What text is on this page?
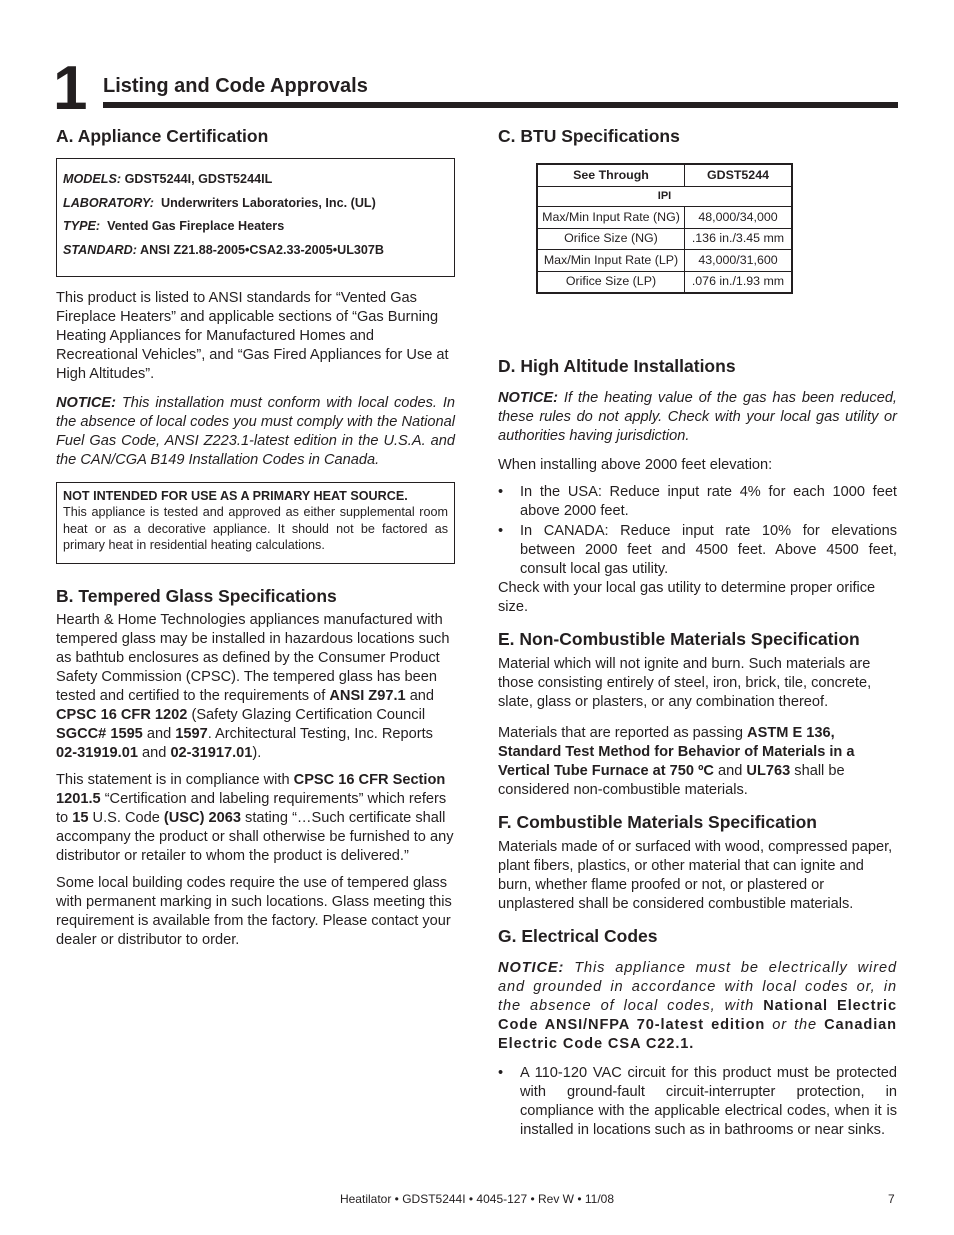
1 Listing and Code Approvals
A. Appliance Certification
MODELS: GDST5244I, GDST5244IL
LABORATORY: Underwriters Laboratories, Inc. (UL)
TYPE: Vented Gas Fireplace Heaters
STANDARD: ANSI Z21.88-2005•CSA2.33-2005•UL307B

This product is listed to ANSI standards for “Vented Gas Fireplace Heaters” and applicable sections of “Gas Burning Heating Appliances for Manufactured Homes and Recreational Vehicles”, and “Gas Fired Appliances for Use at High Altitudes”.

NOTICE: This installation must conform with local codes. In the absence of local codes you must comply with the National Fuel Gas Code, ANSI Z223.1-latest edition in the U.S.A. and the CAN/CGA B149 Installation Codes in Canada.

NOT INTENDED FOR USE AS A PRIMARY HEAT SOURCE.
This appliance is tested and approved as either supplemental room heat or as a decorative appliance. It should not be factored as primary heat in residential heating calculations.
B. Tempered Glass Specifications

Hearth & Home Technologies appliances manufactured with tempered glass may be installed in hazardous locations such as bathtub enclosures as defined by the Consumer Product Safety Commission (CPSC). The tempered glass has been tested and certified to the requirements of ANSI Z97.1 and CPSC 16 CFR 1202 (Safety Glazing Certification Council SGCC# 1595 and 1597. Architectural Testing, Inc. Reports 02-31919.01 and 02-31917.01).

This statement is in compliance with CPSC 16 CFR Section 1201.5 “Certification and labeling requirements” which refers to 15 U.S. Code (USC) 2063 stating “…Such certificate shall accompany the product or shall otherwise be furnished to any distributor or retailer to whom the product is delivered.”

Some local building codes require the use of tempered glass with permanent marking in such locations. Glass meeting this requirement is available from the factory. Please contact your dealer or distributor to order.

C. BTU Specifications
See Through	GDST5244
IPI	
Max/Min Input Rate (NG)	48,000/34,000
Orifice Size (NG)	.136 in./3.45 mm
Max/Min Input Rate (LP)	43,000/31,600
Orifice Size (LP)	.076 in./1.93 mm
D. High Altitude Installations

NOTICE: If the heating value of the gas has been reduced, these rules do not apply. Check with your local gas utility or authorities having jurisdiction.

When installing above 2000 feet elevation:

• In the USA: Reduce input rate 4% for each 1000 feet above 2000 feet.
• In CANADA: Reduce input rate 10% for elevations between 2000 feet and 4500 feet. Above 4500 feet, consult local gas utility.

Check with your local gas utility to determine proper orifice size.

E. Non-Combustible Materials Specification

Material which will not ignite and burn. Such materials are those consisting entirely of steel, iron, brick, tile, concrete, slate, glass or plasters, or any combination thereof.

Materials that are reported as passing ASTM E 136, Standard Test Method for Behavior of Materials in a Vertical Tube Furnace at 750 ºC and UL763 shall be considered non-combustible materials.

F. Combustible Materials Specification

Materials made of or surfaced with wood, compressed paper, plant fibers, plastics, or other material that can ignite and burn, whether flame proofed or not, or plastered or unplastered shall be considered combustible materials.

G. Electrical Codes

NOTICE: This appliance must be electrically wired and grounded in accordance with local codes or, in the absence of local codes, with National Electric Code ANSI/NFPA 70-latest edition or the Canadian Electric Code CSA C22.1.

• A 110-120 VAC circuit for this product must be protected with ground-fault circuit-interrupter protection, in compliance with the applicable electrical codes, when it is installed in locations such as in bathrooms or near sinks.
Heatilator • GDST5244I • 4045-127 • Rev W • 11/08	7
